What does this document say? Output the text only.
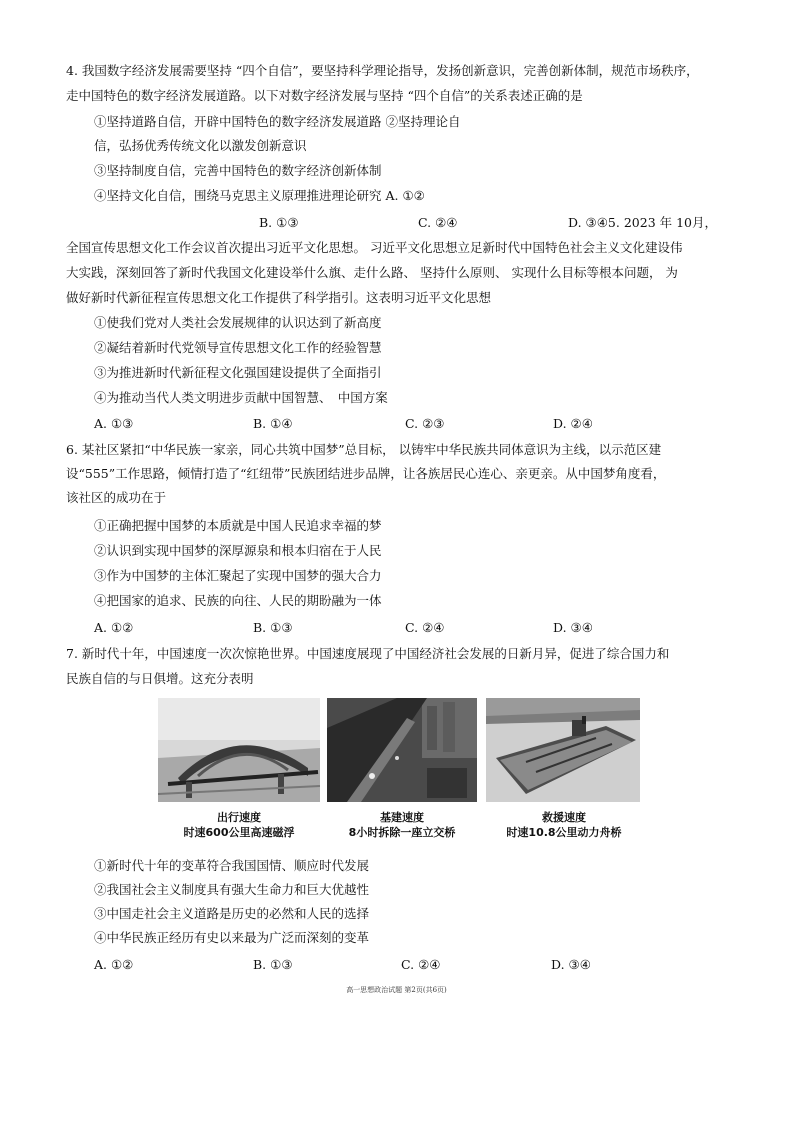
4. 我国数字经济发展需要坚持 “四个自信”，要坚持科学理论指导，发扬创新意识，完善创新体制，规范市场秩序，
走中国特色的数字经济发展道路。以下对数字经济发展与坚持 “四个自信”的关系表述正确的是
①坚持道路自信，开辟中国特色的数字经济发展道路 ②坚持理论自
信，弘扬优秀传统文化以激发创新意识
③坚持制度自信，完善中国特色的数字经济创新体制
④坚持文化自信，围绕马克思主义原理推进理论研究 A. ①②
B. ①③	C. ②④	D. ③④5. 2023 年 10月，
全国宣传思想文化工作会议首次提出习近平文化思想。 习近平文化思想立足新时代中国特色社会主义文化建设伟
大实践，深刻回答了新时代我国文化建设举什么旗、走什么路、 坚持什么原则、 实现什么目标等根本问题， 为
做好新时代新征程宣传思想文化工作提供了科学指引。这表明习近平文化思想
①使我们党对人类社会发展规律的认识达到了新高度
②凝结着新时代党领导宣传思想文化工作的经验智慧
③为推进新时代新征程文化强国建设提供了全面指引
④为推动当代人类文明进步贡献中国智慧、　中国方案
A. ①③	B. ①④	C. ②③	D. ②④
6. 某社区紧扣“中华民族一家亲，同心共筑中国梦”总目标， 以铸牢中华民族共同体意识为主线，以示范区建
设“555”工作思路，倾情打造了“红纽带”民族团结进步品牌，让各族居民心连心、亲更亲。从中国梦角度看，
该社区的成功在于
①正确把握中国梦的本质就是中国人民追求幸福的梦
②认识到实现中国梦的深厚源泉和根本归宿在于人民
③作为中国梦的主体汇聚起了实现中国梦的强大合力
④把国家的追求、民族的向往、人民的期盼融为一体
A. ①②	B. ①③	C. ②④	D. ③④
7. 新时代十年，中国速度一次次惊艳世界。中国速度展现了中国经济社会发展的日新月异，促进了综合国力和
民族自信的与日俱增。这充分表明
出行速度
时速600公里高速磁浮
基建速度
8小时拆除一座立交桥
救援速度
时速10.8公里动力舟桥
①新时代十年的变革符合我国国情、顺应时代发展
②我国社会主义制度具有强大生命力和巨大优越性
③中国走社会主义道路是历史的必然和人民的选择
④中华民族正经历有史以来最为广泛而深刻的变革
A. ①②	B. ①③	C. ②④	D. ③④
高一思想政治试题 第2页(共6页)
